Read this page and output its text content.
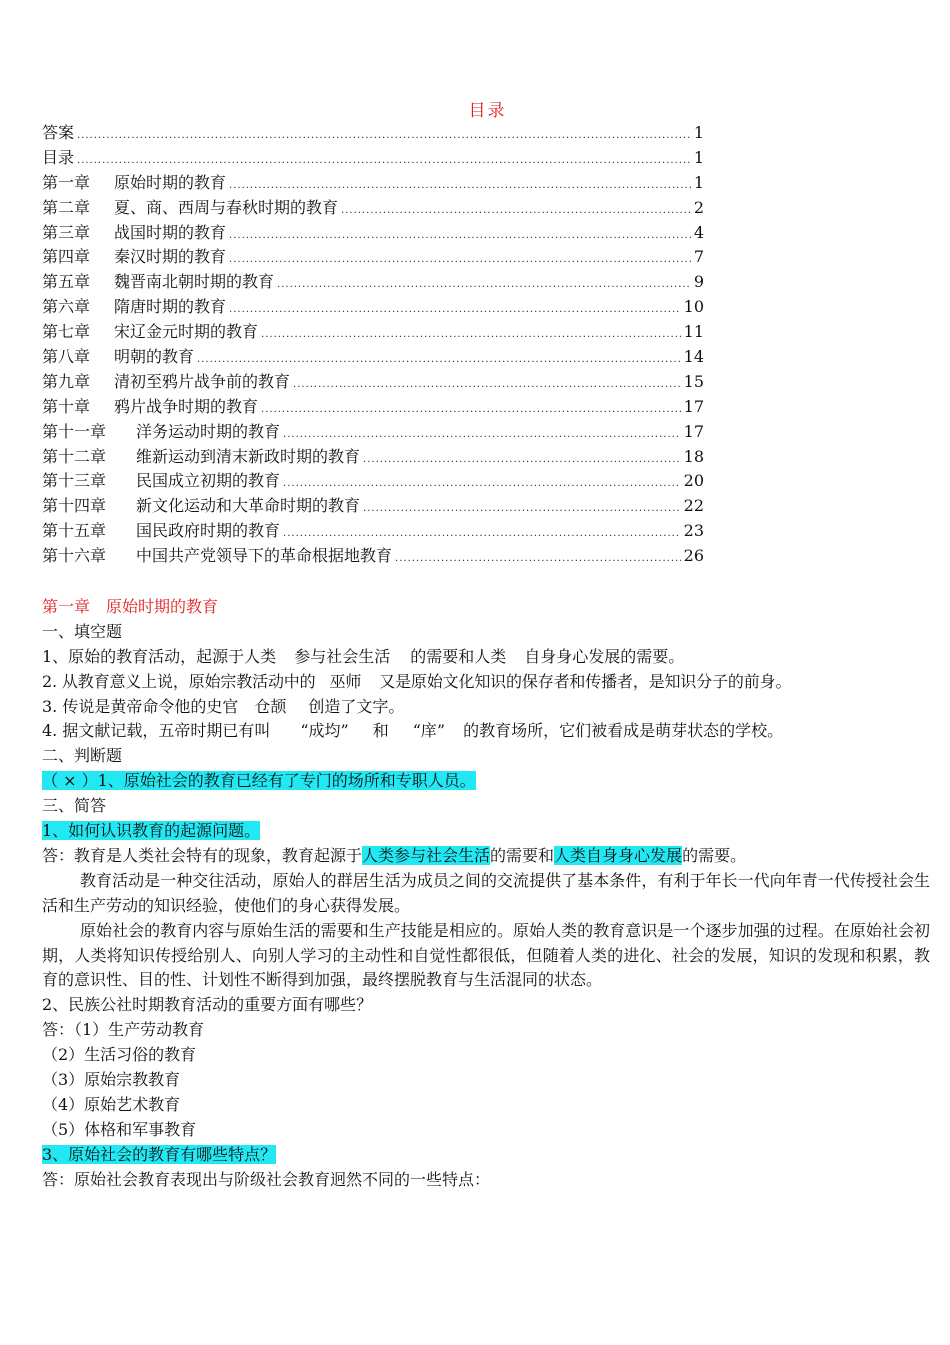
目录
答案 .....	1
目录 .....	1
第一章 原始时期的教育 .....	1
第二章 夏、商、西周与春秋时期的教育 .....	2
第三章 战国时期的教育 .....	4
第四章 秦汉时期的教育 .....	7
第五章 魏晋南北朝时期的教育 .....	9
第六章 隋唐时期的教育 .....	10
第七章 宋辽金元时期的教育 .....	11
第八章 明朝的教育 .....	14
第九章 清初至鸦片战争前的教育 .....	15
第十章 鸦片战争时期的教育 .....	17
第十一章 洋务运动时期的教育 .....	17
第十二章 维新运动到清末新政时期的教育 .....	18
第十三章 民国成立初期的教育 .....	20
第十四章 新文化运动和大革命时期的教育 .....	22
第十五章 国民政府时期的教育 .....	23
第十六章 中国共产党领导下的革命根据地教育 .....	26
第一章　原始时期的教育
一、填空题
1、原始的教育活动，起源于人类 参与社会生活 的需要和人类 自身身心发展的需要。
2. 从教育意义上说，原始宗教活动中的 巫师 又是原始文化知识的保存者和传播者，是知识分子的前身。
3. 传说是黄帝命令他的史官 仓颉 创造了文字。
4. 据文献记载，五帝时期已有叫 “成均” 和 “庠” 的教育场所，它们被看成是萌芽状态的学校。
二、判断题
（ × ）1、原始社会的教育已经有了专门的场所和专职人员。
三、简答
1、如何认识教育的起源问题。
答：教育是人类社会特有的现象，教育起源于人类参与社会生活的需要和人类自身身心发展的需要。
教育活动是一种交往活动，原始人的群居生活为成员之间的交流提供了基本条件，有利于年长一代向年青一代传授社会生活和生产劳动的知识经验，使他们的身心获得发展。
原始社会的教育内容与原始生活的需要和生产技能是相应的。原始人类的教育意识是一个逐步加强的过程。在原始社会初期，人类将知识传授给别人、向别人学习的主动性和自觉性都很低，但随着人类的进化、社会的发展，知识的发现和积累，教育的意识性、目的性、计划性不断得到加强，最终摆脱教育与生活混同的状态。
2、民族公社时期教育活动的重要方面有哪些？
答：（1）生产劳动教育
（2）生活习俗的教育
（3）原始宗教教育
（4）原始艺术教育
（5）体格和军事教育
3、原始社会的教育有哪些特点？
答：原始社会教育表现出与阶级社会教育迥然不同的一些特点：
